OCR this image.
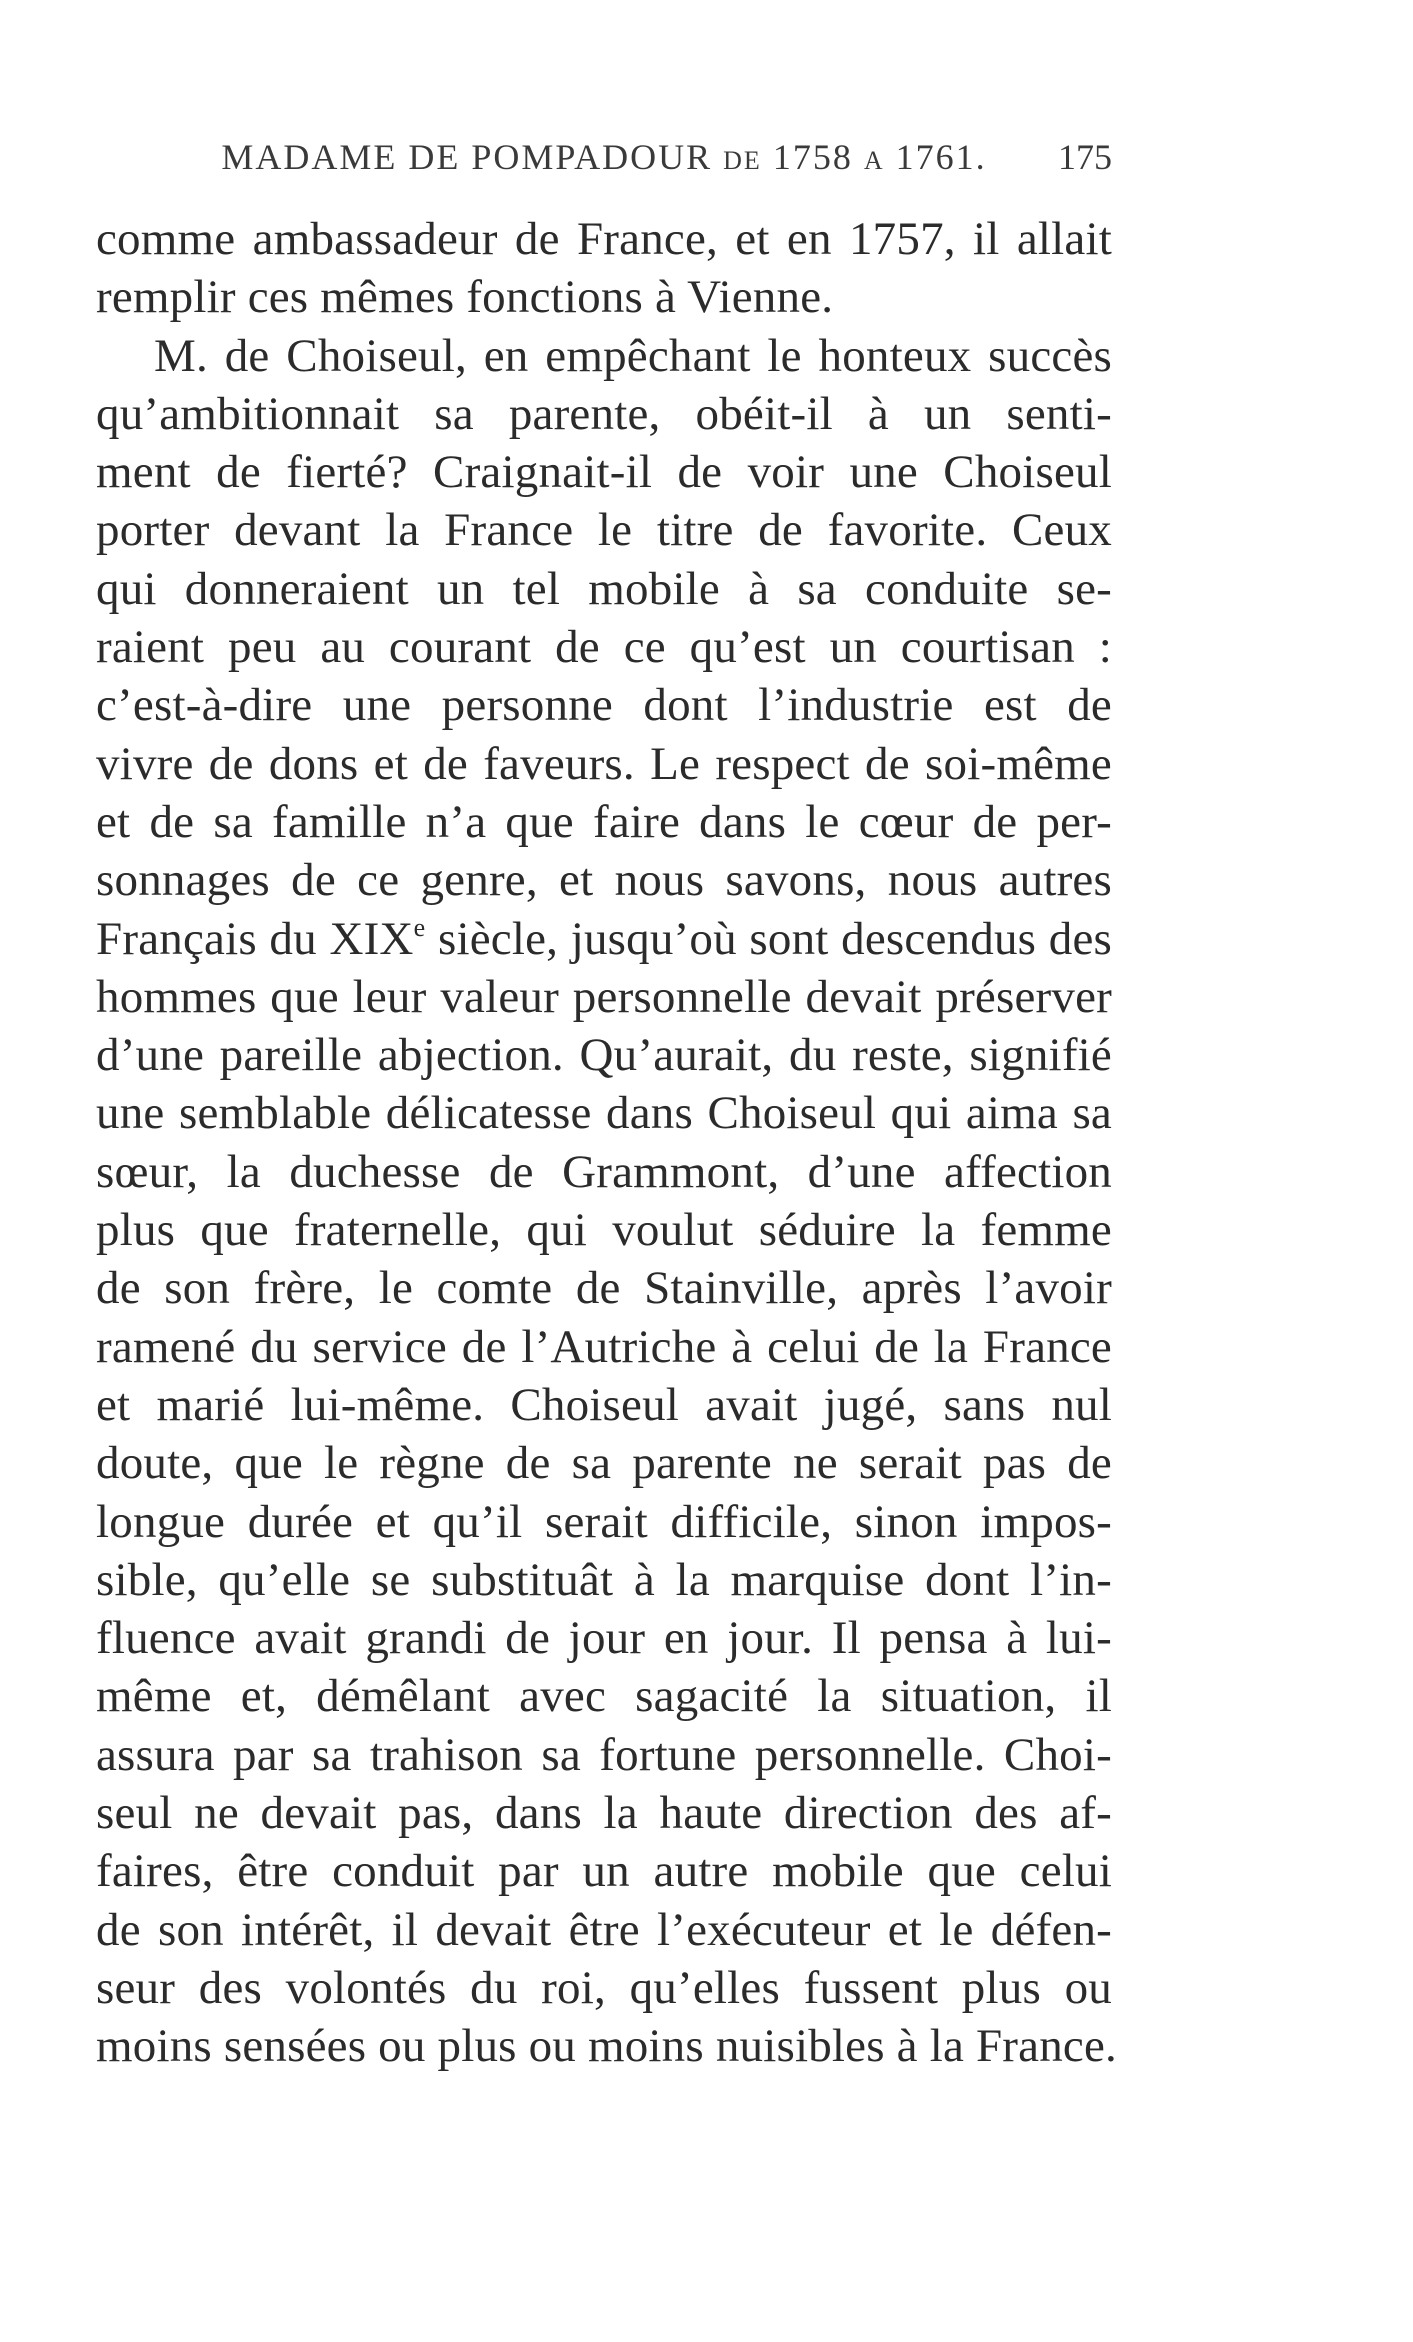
MADAME DE POMPADOUR DE 1758 A 1761.	175
comme ambassadeur de France, et en 1757, il allait
remplir ces mêmes fonctions à Vienne.
M. de Choiseul, en empêchant le honteux succès
qu’ambitionnait sa parente, obéit-il à un senti-
ment de fierté? Craignait-il de voir une Choiseul
porter devant la France le titre de favorite. Ceux
qui donneraient un tel mobile à sa conduite se-
raient peu au courant de ce qu’est un courtisan :
c’est-à-dire une personne dont l’industrie est de
vivre de dons et de faveurs. Le respect de soi-même
et de sa famille n’a que faire dans le cœur de per-
sonnages de ce genre, et nous savons, nous autres
Français du XIXe siècle, jusqu’où sont descendus des
hommes que leur valeur personnelle devait préserver
d’une pareille abjection. Qu’aurait, du reste, signifié
une semblable délicatesse dans Choiseul qui aima sa
sœur, la duchesse de Grammont, d’une affection
plus que fraternelle, qui voulut séduire la femme
de son frère, le comte de Stainville, après l’avoir
ramené du service de l’Autriche à celui de la France
et marié lui-même. Choiseul avait jugé, sans nul
doute, que le règne de sa parente ne serait pas de
longue durée et qu’il serait difficile, sinon impos-
sible, qu’elle se substituât à la marquise dont l’in-
fluence avait grandi de jour en jour. Il pensa à lui-
même et, démêlant avec sagacité la situation, il
assura par sa trahison sa fortune personnelle. Choi-
seul ne devait pas, dans la haute direction des af-
faires, être conduit par un autre mobile que celui
de son intérêt, il devait être l’exécuteur et le défen-
seur des volontés du roi, qu’elles fussent plus ou
moins sensées ou plus ou moins nuisibles à la France.
